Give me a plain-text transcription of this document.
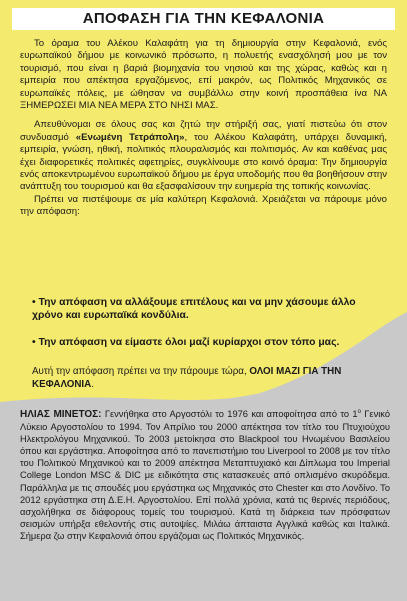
ΑΠΟΦΑΣΗ ΓΙΑ ΤΗΝ ΚΕΦΑΛΟΝΙΑ

Το όραμα του Αλέκου Καλαφάτη για τη δημιουργία στην Κεφαλονιά, ενός ευρωπαϊκού δήμου με κοινωνικό πρόσωπο, η πολυετής ενασχόλησή μου με τον τουρισμό, που είναι η βαριά βιομηχανία του νησιού και της χώρας, καθώς και η εμπειρία που απέκτησα εργαζόμενος, επί μακρόν, ως Πολιτικός Μηχανικός σε ευρωπαϊκές πόλεις, με ώθησαν να συμβάλλω στην κοινή προσπάθεια ίνα ΝΑ ΞΗΜΕΡΩΣΕΙ ΜΙΑ ΝΕΑ ΜΕΡΑ ΣΤΟ ΝΗΣΙ ΜΑΣ.

Απευθύνομαι σε όλους σας και ζητώ την στήριξή σας, γιατί πιστεύω ότι στον συνδυασμό «Ενωμένη Τετράπολη», του Αλέκου Καλαφάτη, υπάρχει δυναμική, εμπειρία, γνώση, ηθική, πολιτικός πλουραλισμός και πολιτισμός. Αν και καθένας μας έχει διαφορετικές πολιτικές αφετηρίες, συγκλίνουμε στο κοινό όραμα: Την δημιουργία ενός αποκεντρωμένου ευρωπαϊκού δήμου με έργα υποδομής που θα βοηθήσουν στην ανάπτυξη του τουρισμού και θα εξασφαλίσουν την ευημερία της τοπικής κοινωνίας.

Πρέπει να πιστέψουμε σε μία καλύτερη Κεφαλονιά. Χρειάζεται να πάρουμε μόνο την απόφαση:

• Την απόφαση να αλλάξουμε επιτέλους και να μην χάσουμε άλλο χρόνο και ευρωπαϊκά κονδύλια.
• Την απόφαση να είμαστε όλοι μαζί κυρίαρχοι στον τόπο μας.
Αυτή την απόφαση πρέπει να την πάρουμε τώρα, ΟΛΟΙ ΜΑΖΙ ΓΙΑ ΤΗΝ ΚΕΦΑΛΟΝΙΑ.
ΗΛΙΑΣ ΜΙΝΕΤΟΣ: Γεννήθηκα στο Αργοστόλι το 1976 και αποφοίτησα από το $1^o$ Γενικό Λύκειο Αργοστολίου το 1994. Τον Απρίλιο του 2000 απέκτησα τον τίτλο του Πτυχιούχου Ηλεκτρολόγου Μηχανικού. Το 2003 μετοίκησα στο Blackpool του Ηνωμένου Βασιλείου όπου και εργάστηκα. Αποφοίτησα από το πανεπιστήμιο του Liverpool το 2008 με τον τίτλο του Πολιτικού Μηχανικού και το 2009 απέκτησα Μεταπτυχιακό και Δίπλωμα του Imperial College London MSC & DIC με ειδικότητα στις κατασκευές από οπλισμένο σκυρόδεμα. Παράλληλα με τις σπουδές μου εργάστηκα ως Μηχανικός στο Chester και στο Λονδίνο. Το 2012 εργάστηκα στη Δ.Ε.Η. Αργοστολίου. Επί πολλά χρόνια, κατά τις θερινές περιόδους, ασχολήθηκα σε διάφορους τομείς του τουρισμού. Κατά τη διάρκεια των πρόσφατων σεισμών υπήρξα εθελοντής στις αυτοψίες. Μιλάω άπταιστα Αγγλικά καθώς και Ιταλικά. Σήμερα ζω στην Κεφαλονιά όπου εργάζομαι ως Πολιτικός Μηχανικός.
